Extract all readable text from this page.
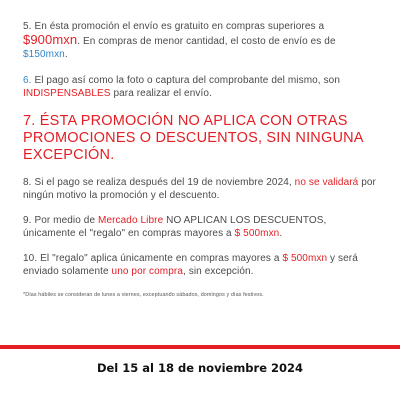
5. En ésta promoción el envío es gratuito en compras superiores a $900mxn. En compras de menor cantidad, el costo de envío es de $150mxn.

6. El pago así como la foto o captura del comprobante del mismo, son INDISPENSABLES para realizar el envío.

7. ÉSTA PROMOCIÓN NO APLICA CON OTRAS PROMOCIONES O DESCUENTOS, SIN NINGUNA EXCEPCIÓN.

8. Si el pago se realiza después del 19 de noviembre 2024, no se validará por ningún motivo la promoción y el descuento.

9. Por medio de Mercado Libre NO APLICAN LOS DESCUENTOS, únicamente el "regalo" en compras mayores a $ 500mxn.

10. El "regalo" aplica únicamente en compras mayores a $ 500mxn y será enviado solamente uno por compra, sin excepción.

*Días hábiles se consideran de lunes a viernes, exceptuando sábados, domingos y días festivos.

Del 15 al 18 de noviembre 2024
